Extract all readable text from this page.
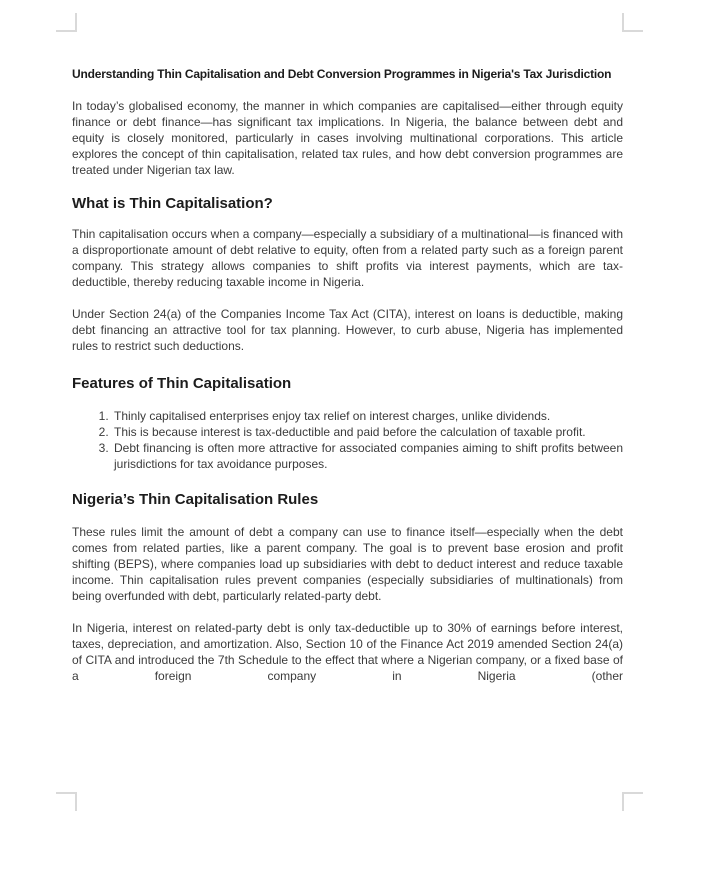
Understanding Thin Capitalisation and Debt Conversion Programmes in Nigeria's Tax Jurisdiction

In today’s globalised economy, the manner in which companies are capitalised—either through equity finance or debt finance—has significant tax implications. In Nigeria, the balance between debt and equity is closely monitored, particularly in cases involving multinational corporations. This article explores the concept of thin capitalisation, related tax rules, and how debt conversion programmes are treated under Nigerian tax law.

What is Thin Capitalisation?

Thin capitalisation occurs when a company—especially a subsidiary of a multinational—is financed with a disproportionate amount of debt relative to equity, often from a related party such as a foreign parent company. This strategy allows companies to shift profits via interest payments, which are tax-deductible, thereby reducing taxable income in Nigeria.

Under Section 24(a) of the Companies Income Tax Act (CITA), interest on loans is deductible, making debt financing an attractive tool for tax planning. However, to curb abuse, Nigeria has implemented rules to restrict such deductions.

Features of Thin Capitalisation
1. Thinly capitalised enterprises enjoy tax relief on interest charges, unlike dividends.
2. This is because interest is tax-deductible and paid before the calculation of taxable profit.
3. Debt financing is often more attractive for associated companies aiming to shift profits between jurisdictions for tax avoidance purposes.
Nigeria’s Thin Capitalisation Rules

These rules limit the amount of debt a company can use to finance itself—especially when the debt comes from related parties, like a parent company. The goal is to prevent base erosion and profit shifting (BEPS), where companies load up subsidiaries with debt to deduct interest and reduce taxable income. Thin capitalisation rules prevent companies (especially subsidiaries of multinationals) from being overfunded with debt, particularly related-party debt.

In Nigeria, interest on related-party debt is only tax-deductible up to 30% of earnings before interest, taxes, depreciation, and amortization. Also, Section 10 of the Finance Act 2019 amended Section 24(a) of CITA and introduced the 7th Schedule to the effect that where a Nigerian company, or a fixed base of a foreign company in Nigeria (other
